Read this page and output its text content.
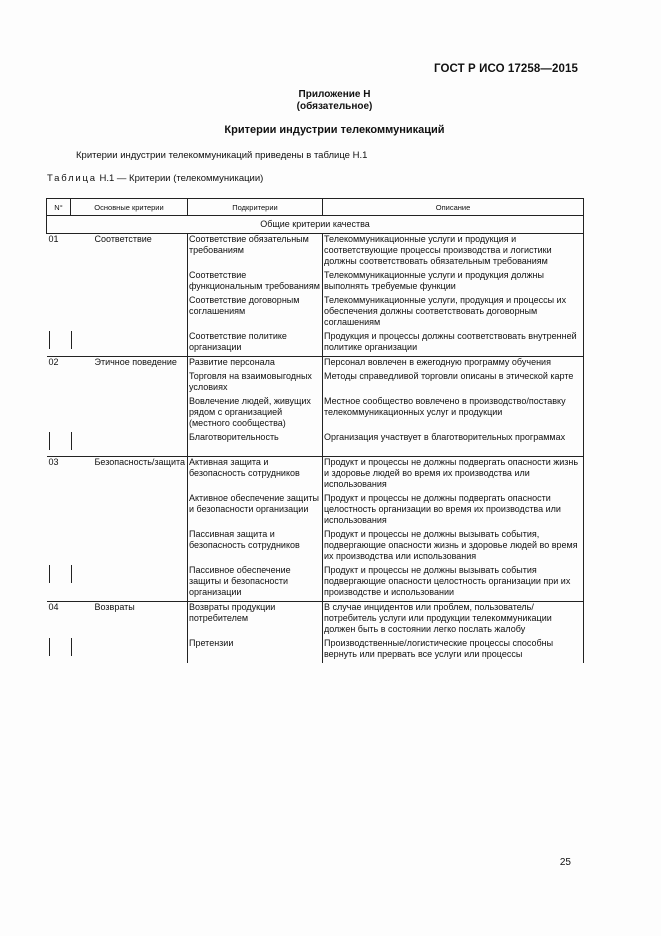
ГОСТ Р ИСО 17258—2015
Приложение Н
(обязательное)
Критерии индустрии телекоммуникаций
Критерии индустрии телекоммуникаций приведены в таблице Н.1
Таблица Н.1 — Критерии (телекоммуникации)
N°	Основные критерии	Подкритерии	Описание
Общие критерии качества			
01	Соответствие	Соответствие обязательным требованиям	Телекоммуникационные услуги и продукция и соответствующие процессы производства и логистики должны соответствовать обязательным требованиям
		Соответствие функциональным требованиям	Телекоммуникационные услуги и продукция должны выполнять требуемые функции
		Соответствие договорным соглашениям	Телекоммуникационные услуги, продукция и процессы их обеспечения должны соответствовать договорным соглашениям
		Соответствие политике организации	Продукция и процессы должны соответствовать внутренней политике организации
02	Этичное поведение	Развитие персонала	Персонал вовлечен в ежегодную программу обучения
		Торговля на взаимовыгодных условиях	Методы справедливой торговли описаны в этической карте
		Вовлечение людей, живущих рядом с организацией (местного сообщества)	Местное сообщество вовлечено в производство/поставку телекоммуникационных услуг и продукции
		Благотворительность	Организация участвует в благотворительных программах
03	Безопасность/защита	Активная защита и безопасность сотрудников	Продукт и процессы не должны подвергать опасности жизнь и здоровье людей во время их производства или использования
		Активное обеспечение защиты и безопасности организации	Продукт и процессы не должны подвергать опасности целостность организации во время их производства или использования
		Пассивная защита и безопасность сотрудников	Продукт и процессы не должны вызывать события, подвергающие опасности жизнь и здоровье людей во время их производства или использования
		Пассивное обеспечение защиты и безопасности организации	Продукт и процессы не должны вызывать события подвергающие опасности целостность организации при их производстве и использовании
04	Возвраты	Возвраты продукции потребителем	В случае инцидентов или проблем, пользователь/потребитель услуги или продукции телекоммуникации должен быть в состоянии легко послать жалобу
		Претензии	Производственные/логистические процессы способны вернуть или прервать все услуги или процессы
25
